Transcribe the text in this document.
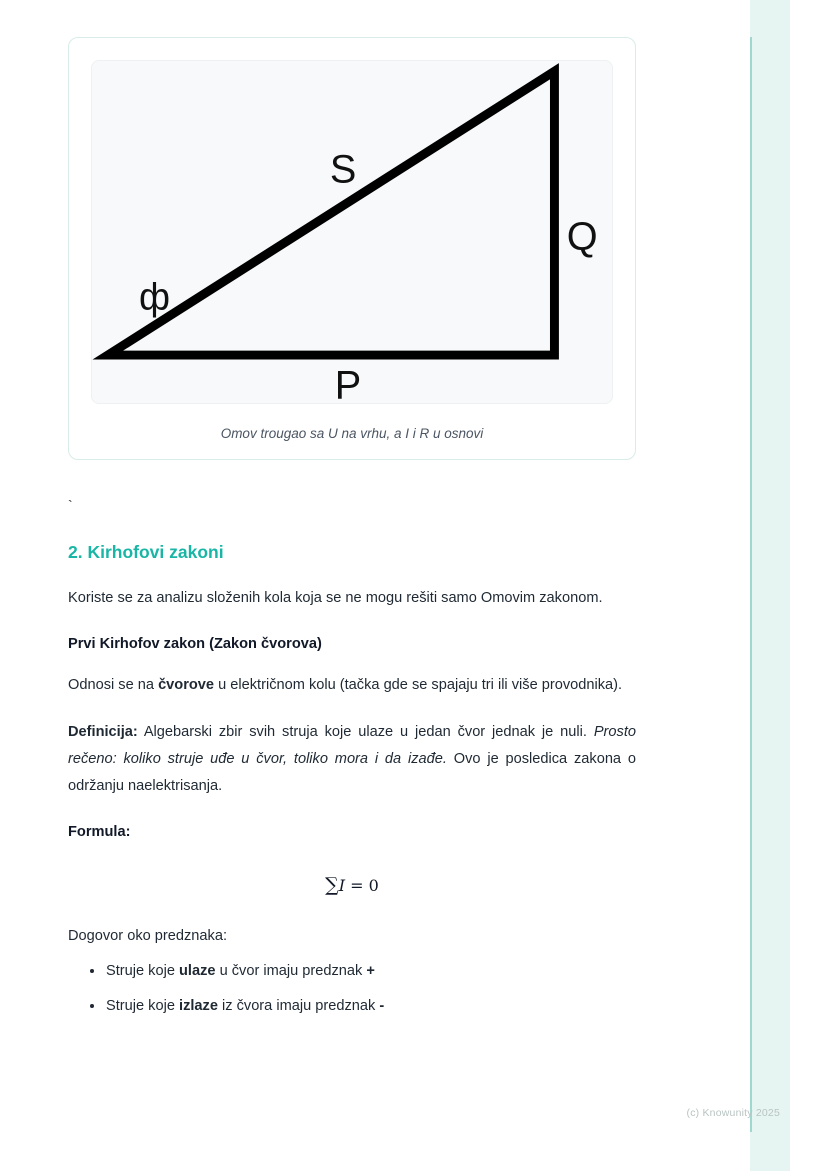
S
Q
P
ф
Omov trougao sa U na vrhu, a I i R u osnovi
`
2. Kirhofovi zakoni

Koriste se za analizu složenih kola koja se ne mogu rešiti samo Omovim zakonom.

Prvi Kirhofov zakon (Zakon čvorova)

Odnosi se na čvorove u električnom kolu (tačka gde se spajaju tri ili više provodnika).

Definicija: Algebarski zbir svih struja koje ulaze u jedan čvor jednak je nuli. Prosto rečeno: koliko struje uđe u čvor, toliko mora i da izađe. Ovo je posledica zakona o održanju naelektrisanja.

Formula:

∑I = 0

Dogovor oko predznaka:

Struje koje ulaze u čvor imaju predznak +
Struje koje izlaze iz čvora imaju predznak -
(c) Knowunity 2025
